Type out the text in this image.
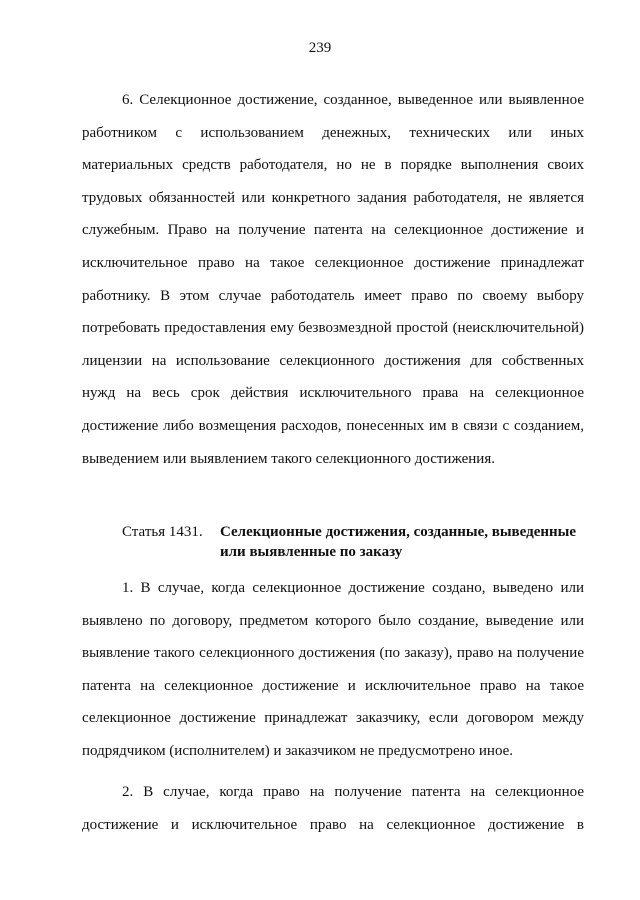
239
6. Селекционное достижение, созданное, выведенное или выявленное
работником с использованием денежных, технических или иных
материальных средств работодателя, но не в порядке выполнения своих
трудовых обязанностей или конкретного задания работодателя, не является
служебным. Право на получение патента на селекционное достижение и
исключительное право на такое селекционное достижение принадлежат
работнику. В этом случае работодатель имеет право по своему выбору
потребовать предоставления ему безвозмездной простой (неисключительной)
лицензии на использование селекционного достижения для собственных
нужд на весь срок действия исключительного права на селекционное
достижение либо возмещения расходов, понесенных им в связи с созданием,
выведением или выявлением такого селекционного достижения.
Статья 1431. Селекционные достижения, созданные, выведенные
или выявленные по заказу
1. В случае, когда селекционное достижение создано, выведено или
выявлено по договору, предметом которого было создание, выведение или
выявление такого селекционного достижения (по заказу), право на получение
патента на селекционное достижение и исключительное право на такое
селекционное достижение принадлежат заказчику, если договором между
подрядчиком (исполнителем) и заказчиком не предусмотрено иное.
2. В случае, когда право на получение патента на селекционное
достижение и исключительное право на селекционное достижение в
